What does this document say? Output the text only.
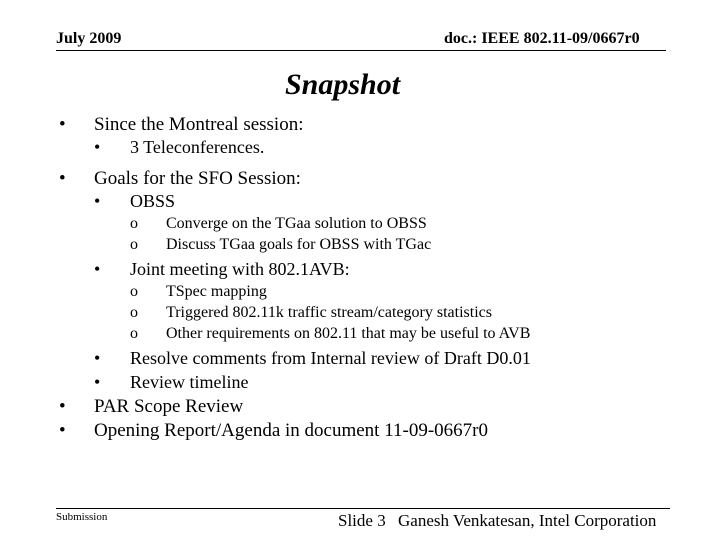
July 2009	doc.: IEEE 802.11-09/0667r0
Snapshot
• Since the Montreal session:
• 3 Teleconferences.
• Goals for the SFO Session:
• OBSS
o Converge on the TGaa solution to OBSS
o Discuss TGaa goals for OBSS with TGac
• Joint meeting with 802.1AVB:
o TSpec mapping
o Triggered 802.11k traffic stream/category statistics
o Other requirements on 802.11 that may be useful to AVB
• Resolve comments from Internal review of Draft D0.01
• Review timeline
• PAR Scope Review
• Opening Report/Agenda in document 11-09-0667r0
Submission	Slide 3 Ganesh Venkatesan, Intel Corporation
